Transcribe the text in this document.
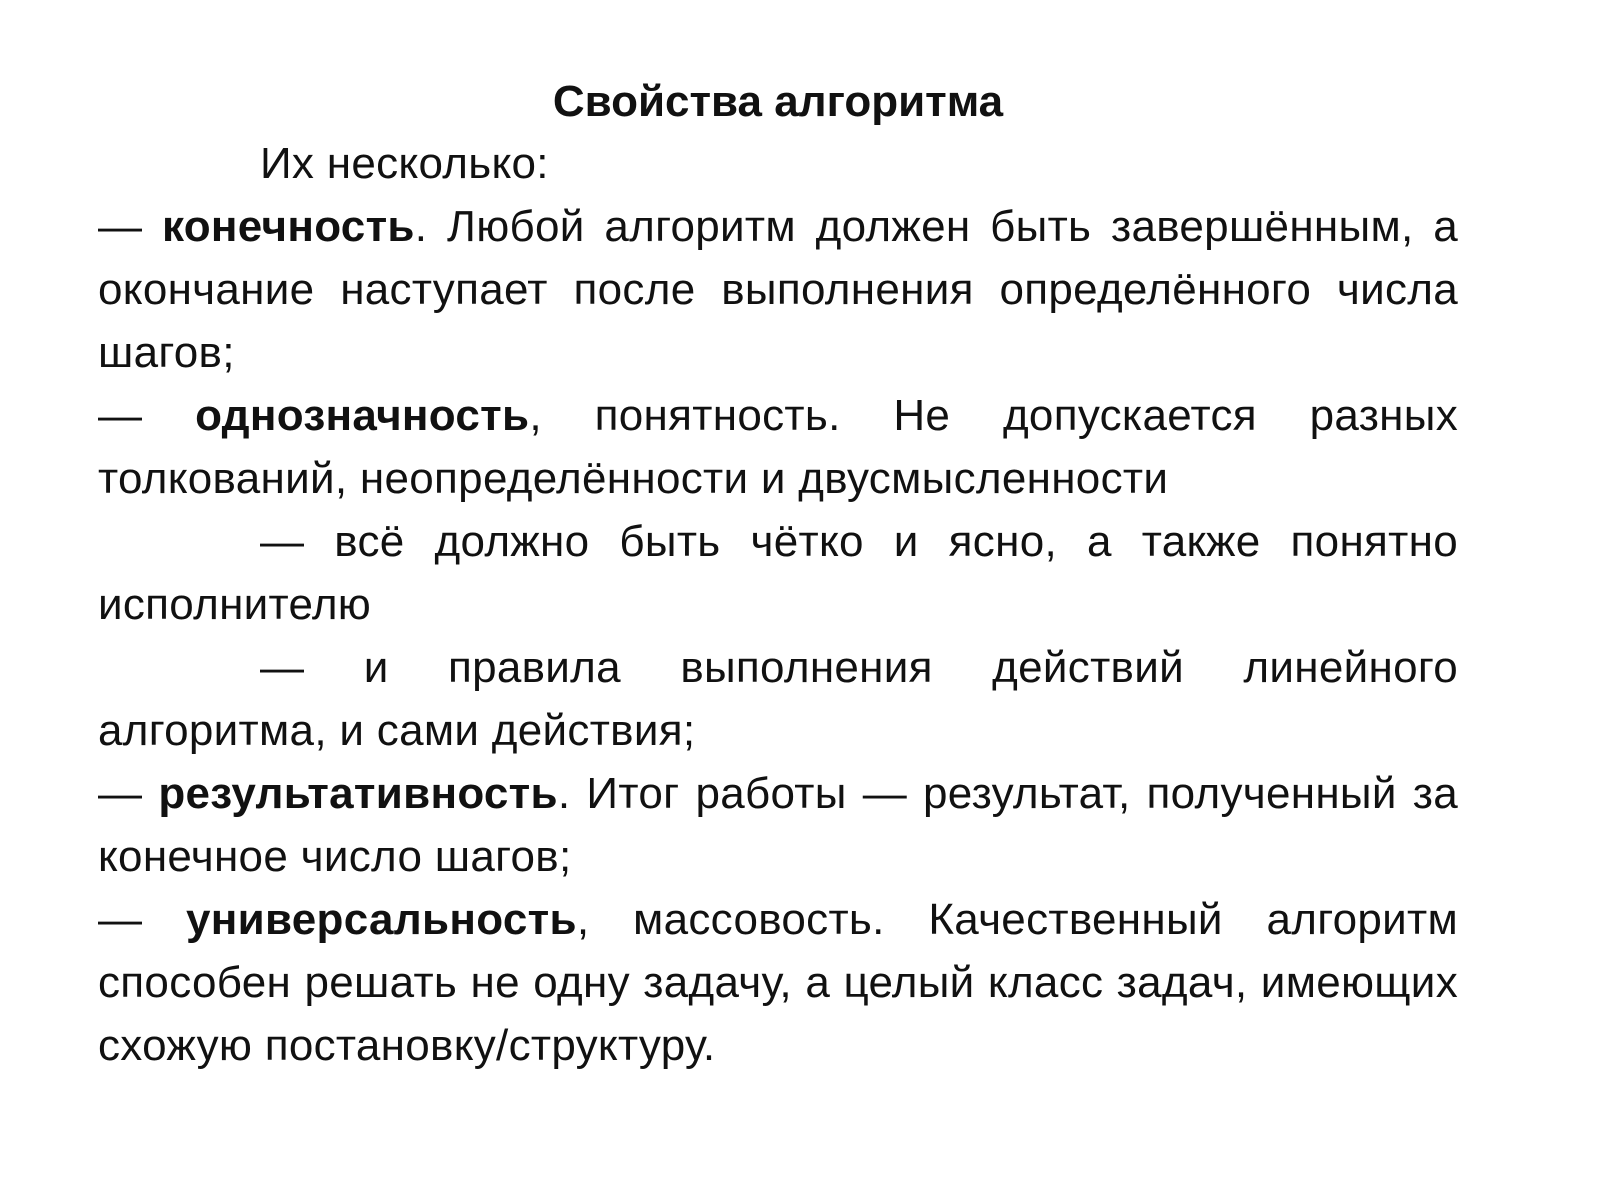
Свойства алгоритма

Их несколько:

— конечность. Любой алгоритм должен быть завершённым, а окончание наступает после выполнения определённого числа шагов;

— однозначность, понятность. Не допускается разных толкований, неопределённости и двусмысленности

— всё должно быть чётко и ясно, а также понятно исполнителю

— и правила выполнения действий линейного алгоритма, и сами действия;

— результативность. Итог работы — результат, полученный за конечное число шагов;

— универсальность, массовость. Качественный алгоритм способен решать не одну задачу, а целый класс задач, имеющих схожую постановку/структуру.
